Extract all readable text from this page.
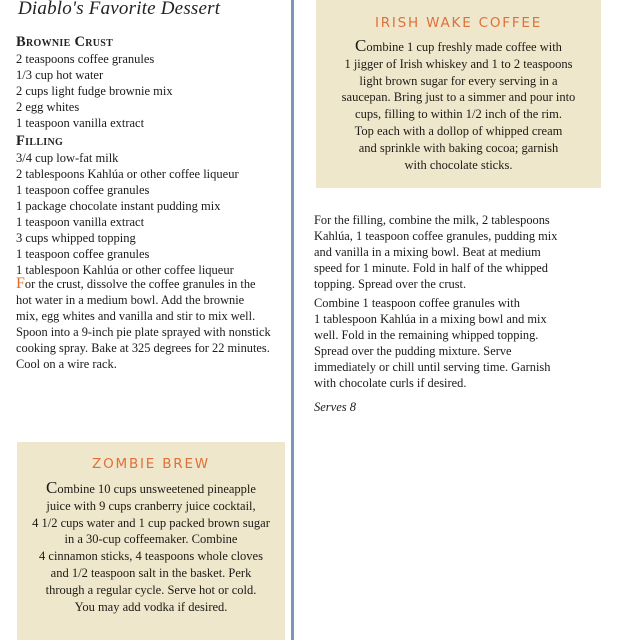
Diablo's Favorite Dessert
Brownie Crust
2 teaspoons coffee granules
1/3 cup hot water
2 cups light fudge brownie mix
2 egg whites
1 teaspoon vanilla extract
Filling
3/4 cup low-fat milk
2 tablespoons Kahlúa or other coffee liqueur
1 teaspoon coffee granules
1 package chocolate instant pudding mix
1 teaspoon vanilla extract
3 cups whipped topping
1 teaspoon coffee granules
1 tablespoon Kahlúa or other coffee liqueur
For the crust, dissolve the coffee granules in the
hot water in a medium bowl. Add the brownie
mix, egg whites and vanilla and stir to mix well.
Spoon into a 9-inch pie plate sprayed with nonstick
cooking spray. Bake at 325 degrees for 22 minutes.
Cool on a wire rack.
IRISH WAKE COFFEE
Combine 1 cup freshly made coffee with
1 jigger of Irish whiskey and 1 to 2 teaspoons
light brown sugar for every serving in a
saucepan. Bring just to a simmer and pour into
cups, filling to within 1/2 inch of the rim.
Top each with a dollop of whipped cream
and sprinkle with baking cocoa; garnish
with chocolate sticks.
For the filling, combine the milk, 2 tablespoons
Kahlúa, 1 teaspoon coffee granules, pudding mix
and vanilla in a mixing bowl. Beat at medium
speed for 1 minute. Fold in half of the whipped
topping. Spread over the crust.
Combine 1 teaspoon coffee granules with
1 tablespoon Kahlúa in a mixing bowl and mix
well. Fold in the remaining whipped topping.
Spread over the pudding mixture. Serve
immediately or chill until serving time. Garnish
with chocolate curls if desired.
Serves 8
ZOMBIE BREW
Combine 10 cups unsweetened pineapple
juice with 9 cups cranberry juice cocktail,
4 1/2 cups water and 1 cup packed brown sugar
in a 30-cup coffeemaker. Combine
4 cinnamon sticks, 4 teaspoons whole cloves
and 1/2 teaspoon salt in the basket. Perk
through a regular cycle. Serve hot or cold.
You may add vodka if desired.
